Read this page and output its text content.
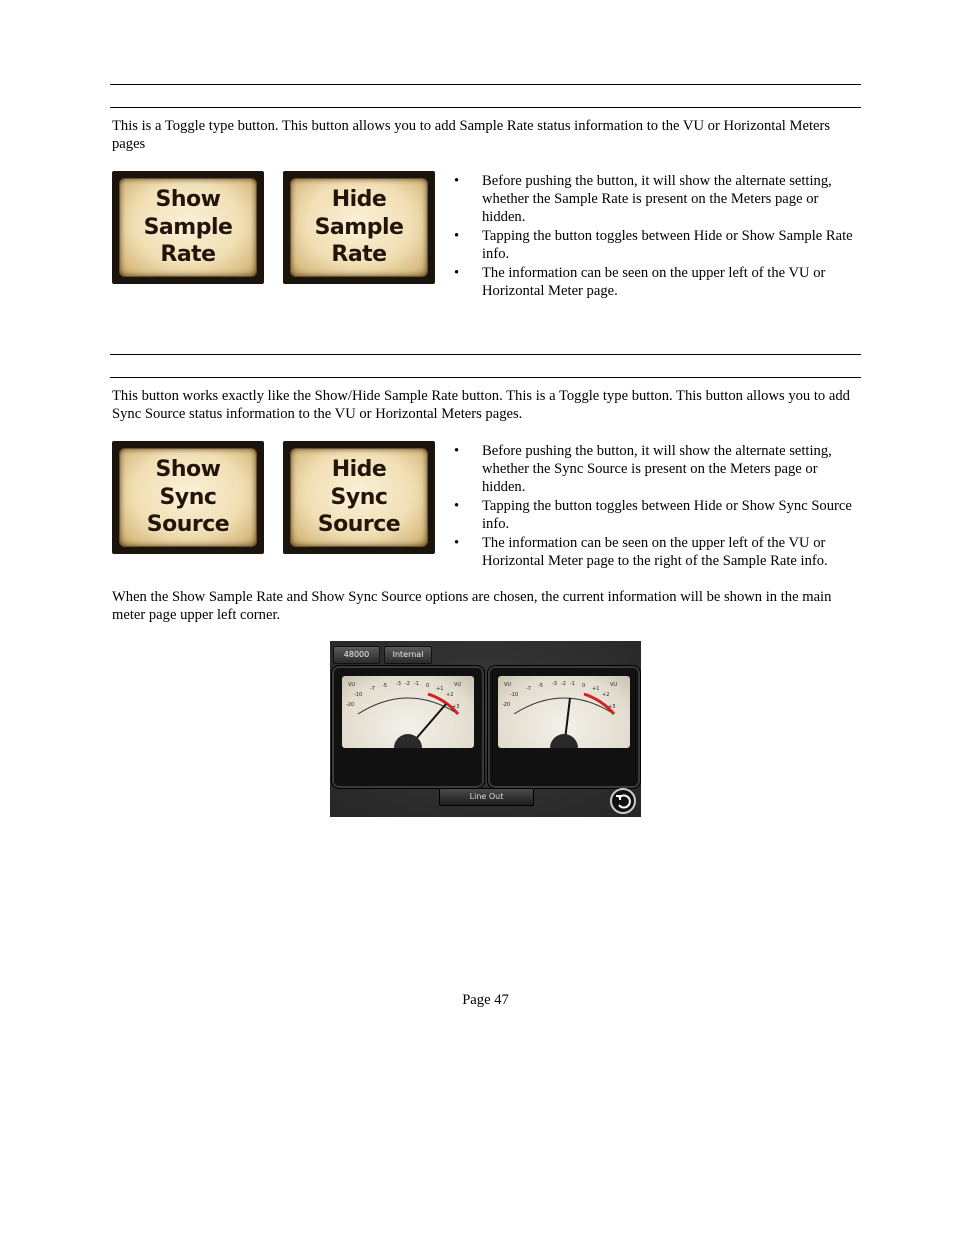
This is a Toggle type button. This button allows you to add Sample Rate status information to the VU or Horizontal Meters pages
Show
Sample
Rate
Hide
Sample
Rate
•	Before pushing the button, it will show the alternate setting, whether the Sample Rate is present on the Meters page or hidden.
•	Tapping the button toggles between Hide or Show Sample Rate info.
•	The information can be seen on the upper left of the VU or Horizontal Meter page.
This button works exactly like the Show/Hide Sample Rate button. This is a Toggle type button. This button allows you to add Sync Source status information to the VU or Horizontal Meters pages.
Show
Sync
Source
Hide
Sync
Source
•	Before pushing the button, it will show the alternate setting, whether the Sync Source is present on the Meters page or hidden.
•	Tapping the button toggles between Hide or Show Sync Source info.
•	The information can be seen on the upper left of the VU or Horizontal Meter page to the right of the Sample Rate info.
When the Show Sample Rate and Show Sync Source options are chosen, the current information will be shown in the main meter page upper left corner.
48000	Internal
-20
-10
-7 -5 -3 -2 -1 0 +1
+2
+3
VU	VU
-20
-10
-7 -5 -3 -2 -1 0 +1
+2
+3
VU	VU
Line Out
Page 47
